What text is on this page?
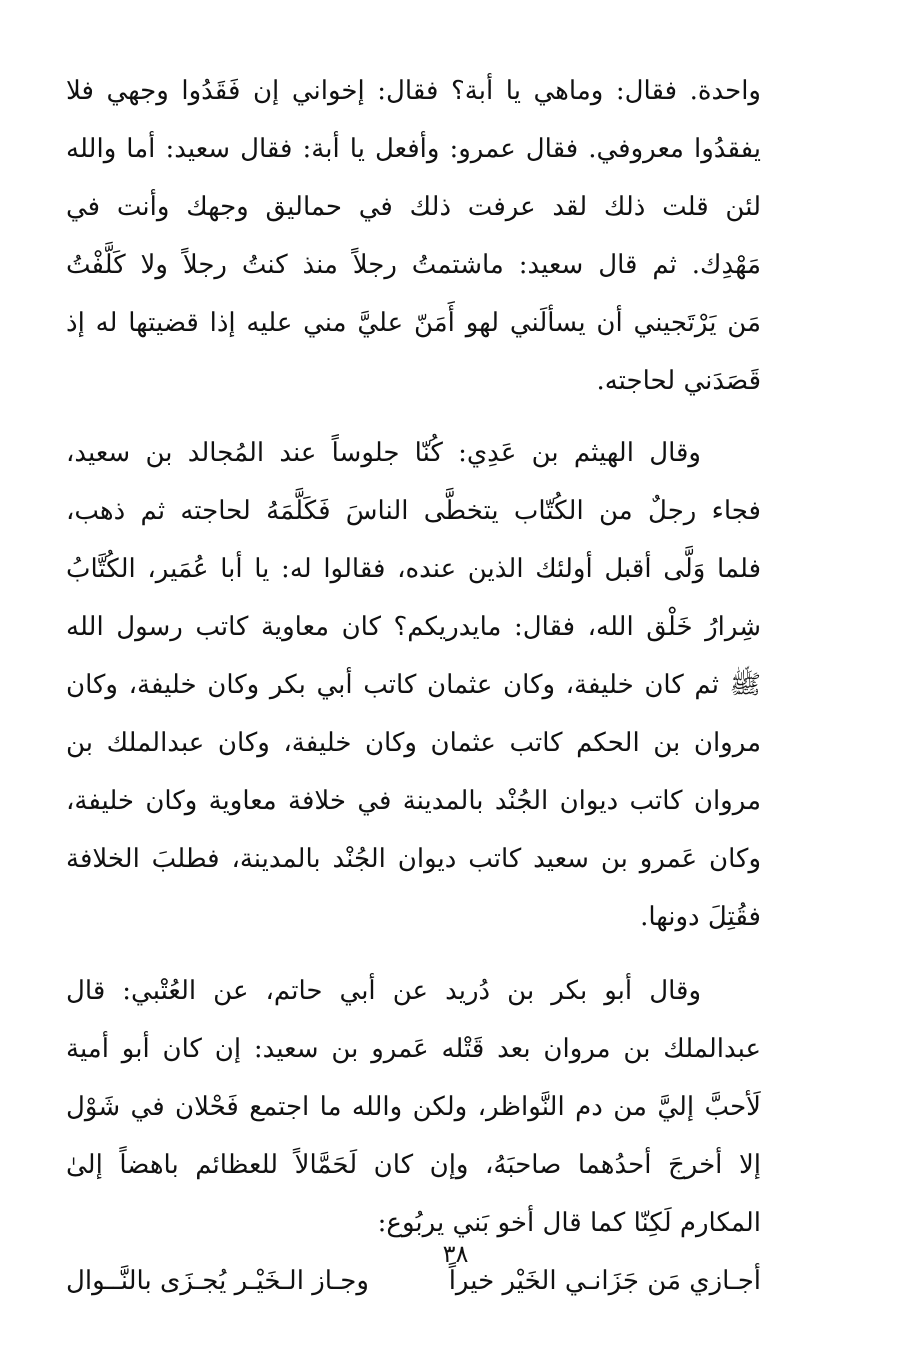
واحدة. فقال: وماهي يا أبة؟ فقال: إخواني إن فَقَدُوا وجهي فلا
يفقدُوا معروفي. فقال عمرو: وأفعل يا أبة: فقال سعيد: أما والله
لئن قلت ذلك لقد عرفت ذلك في حماليق وجهك وأنت في
مَهْدِك. ثم قال سعيد: ماشتمتُ رجلاً منذ كنتُ رجلاً ولا كَلَّفْتُ
مَن يَرْتَجيني أن يسألَني لهو أَمَنّ عليَّ مني عليه إذا قضيتها له إذ
قَصَدَني لحاجته.
وقال الهيثم بن عَدِي: كُنّا جلوساً عند المُجالد بن سعيد،
فجاء رجلٌ من الكُتّاب يتخطَّى الناسَ فَكَلَّمَهُ لحاجته ثم ذهب،
فلما وَلَّى أقبل أولئك الذين عنده، فقالوا له: يا أبا عُمَير، الكُتَّابُ
شِرارُ خَلْق الله، فقال: مايدريكم؟ كان معاوية كاتب رسول الله
ﷺ ثم كان خليفة، وكان عثمان كاتب أبي بكر وكان خليفة، وكان
مروان بن الحكم كاتب عثمان وكان خليفة، وكان عبدالملك بن
مروان كاتب ديوان الجُنْد بالمدينة في خلافة معاوية وكان خليفة،
وكان عَمرو بن سعيد كاتب ديوان الجُنْد بالمدينة، فطلبَ الخلافة
فقُتِلَ دونها.
وقال أبو بكر بن دُريد عن أبي حاتم، عن العُتْبي: قال
عبدالملك بن مروان بعد قَتْله عَمرو بن سعيد: إن كان أبو أمية
لَأحبَّ إليَّ من دم النَّواظر، ولكن والله ما اجتمع فَحْلان في شَوْل
إلا أخرجَ أحدُهما صاحبَهُ، وإن كان لَحَمَّالاً للعظائم باهضاً إلىٰ
المكارم لَكِنّا كما قال أخو بَني يربُوع:
أجـازي مَن جَزَانـي الخَيْر خيراً
وجـاز الـخَيْـر يُجـزَى بالنَّــوال
٣٨
